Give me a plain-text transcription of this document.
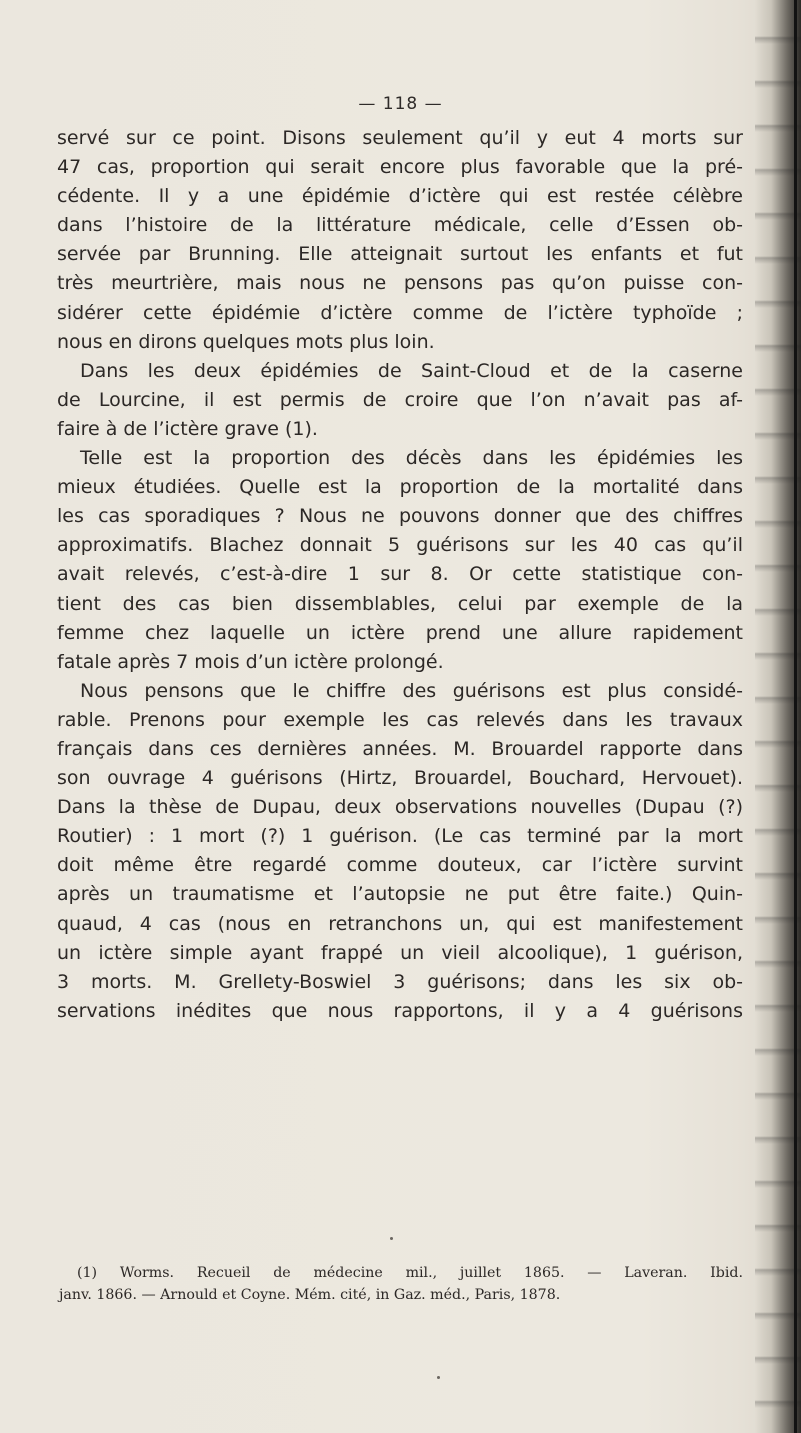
— 118 —
servé sur ce point. Disons seulement qu’il y eut 4 morts sur
47 cas, proportion qui serait encore plus favorable que la pré-
cédente. Il y a une épidémie d’ictère qui est restée célèbre
dans l’histoire de la littérature médicale, celle d’Essen ob-
servée par Brunning. Elle atteignait surtout les enfants et fut
très meurtrière, mais nous ne pensons pas qu’on puisse con-
sidérer cette épidémie d’ictère comme de l’ictère typhoïde ;
nous en dirons quelques mots plus loin.
Dans les deux épidémies de Saint-Cloud et de la caserne
de Lourcine, il est permis de croire que l’on n’avait pas af-
faire à de l’ictère grave (1).
Telle est la proportion des décès dans les épidémies les
mieux étudiées. Quelle est la proportion de la mortalité dans
les cas sporadiques ? Nous ne pouvons donner que des chiffres
approximatifs. Blachez donnait 5 guérisons sur les 40 cas qu’il
avait relevés, c’est-à-dire 1 sur 8. Or cette statistique con-
tient des cas bien dissemblables, celui par exemple de la
femme chez laquelle un ictère prend une allure rapidement
fatale après 7 mois d’un ictère prolongé.
Nous pensons que le chiffre des guérisons est plus considé-
rable. Prenons pour exemple les cas relevés dans les travaux
français dans ces dernières années. M. Brouardel rapporte dans
son ouvrage 4 guérisons (Hirtz, Brouardel, Bouchard, Hervouet).
Dans la thèse de Dupau, deux observations nouvelles (Dupau (?)
Routier) : 1 mort (?) 1 guérison. (Le cas terminé par la mort
doit même être regardé comme douteux, car l’ictère survint
après un traumatisme et l’autopsie ne put être faite.) Quin-
quaud, 4 cas (nous en retranchons un, qui est manifestement
un ictère simple ayant frappé un vieil alcoolique), 1 guérison,
3 morts. M. Grellety-Boswiel 3 guérisons; dans les six ob-
servations inédites que nous rapportons, il y a 4 guérisons
(1) Worms. Recueil de médecine mil., juillet 1865. — Laveran. Ibid.
janv. 1866. — Arnould et Coyne. Mém. cité, in Gaz. méd., Paris, 1878.
